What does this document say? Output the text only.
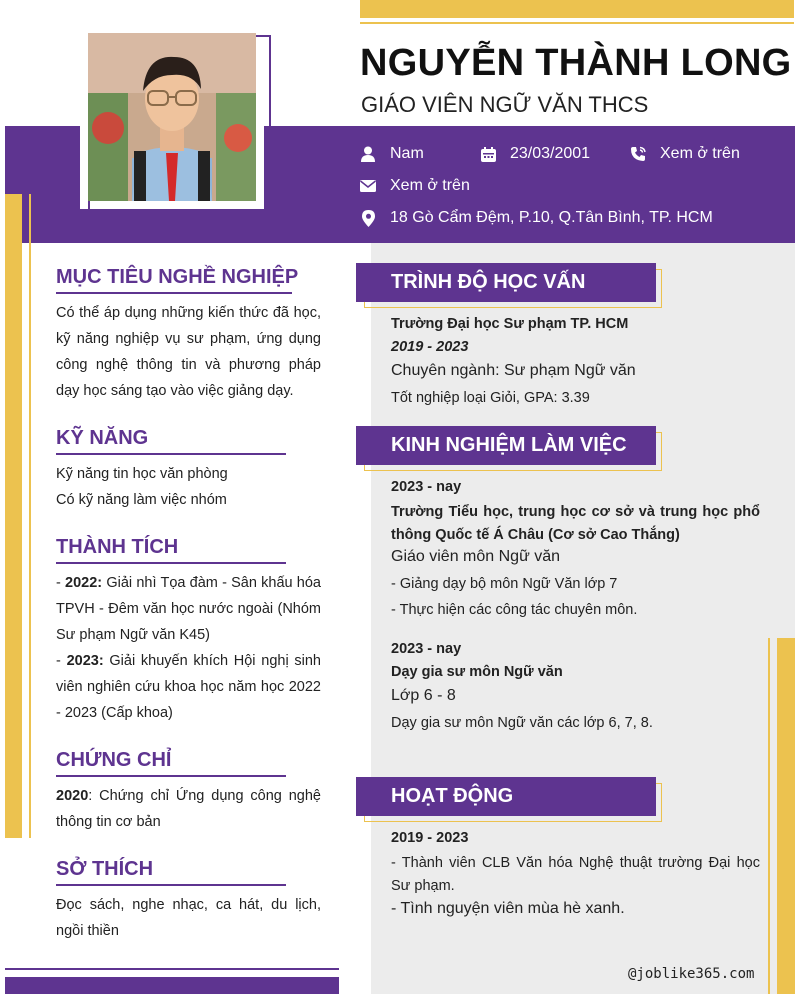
NGUYỄN THÀNH LONG
GIÁO VIÊN NGỮ VĂN THCS
Nam	23/03/2001	Xem ở trên
Xem ở trên
18 Gò Cẩm Đệm, P.10, Q.Tân Bình, TP. HCM
MỤC TIÊU NGHỀ NGHIỆP
Có thể áp dụng những kiến thức đã học, kỹ năng nghiệp vụ sư phạm, ứng dụng công nghệ thông tin và phương pháp dạy học sáng tạo vào việc giảng dạy.
KỸ NĂNG
Kỹ năng tin học văn phòng
Có kỹ năng làm việc nhóm
THÀNH TÍCH
- 2022: Giải nhì Tọa đàm - Sân khấu hóa TPVH - Đêm văn học nước ngoài (Nhóm Sư phạm Ngữ văn K45)
- 2023: Giải khuyến khích Hội nghị sinh viên nghiên cứu khoa học năm học 2022 - 2023 (Cấp khoa)
CHỨNG CHỈ
2020: Chứng chỉ Ứng dụng công nghệ thông tin cơ bản
SỞ THÍCH
Đọc sách, nghe nhạc, ca hát, du lịch, ngồi thiền
TRÌNH ĐỘ HỌC VẤN
Trường Đại học Sư phạm TP. HCM
2019 - 2023
Chuyên ngành: Sư phạm Ngữ văn
Tốt nghiệp loại Giỏi, GPA: 3.39
KINH NGHIỆM LÀM VIỆC
2023 - nay
Trường Tiểu học, trung học cơ sở và trung học phổ thông Quốc tế Á Châu (Cơ sở Cao Thắng)
Giáo viên môn Ngữ văn
- Giảng dạy bộ môn Ngữ Văn lớp 7
- Thực hiện các công tác chuyên môn.
2023 - nay
Dạy gia sư môn Ngữ văn
Lớp 6 - 8
Dạy gia sư môn Ngữ văn các lớp 6, 7, 8.
HOẠT ĐỘNG
2019 - 2023
- Thành viên CLB Văn hóa Nghệ thuật trường Đại học Sư phạm.
- Tình nguyện viên mùa hè xanh.
@joblike365.com
